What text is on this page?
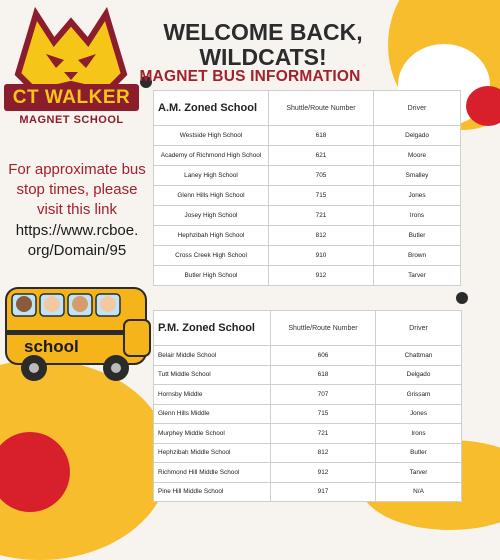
CT WALKER
MAGNET SCHOOL
WELCOME BACK,
WILDCATS!
MAGNET BUS INFORMATION
For approximate bus stop times, please visit this link
https://www.rcboe.
org/Domain/95
school
A.M. Zoned School	Shuttle/Route Number	Driver
Westside High School	618	Delgado
Academy of Richmond High School	621	Moore
Laney High School	705	Smalley
Glenn Hills High School	715	Jones
Josey High School	721	Irons
Hephzibah High School	812	Butler
Cross Creek High School	910	Brown
Butler High School	912	Tarver
P.M. Zoned School	Shuttle/Route Number	Driver
Belair Middle School	606	Chattman
Tutt Middle School	618	Delgado
Hornsby Middle	707	Grissam
Glenn Hills Middle	715	Jones
Murphey Middle School	721	Irons
Hephzibah Middle School	812	Butler
Richmond Hill Middle School	912	Tarver
Pine Hill Middle School	917	N/A
